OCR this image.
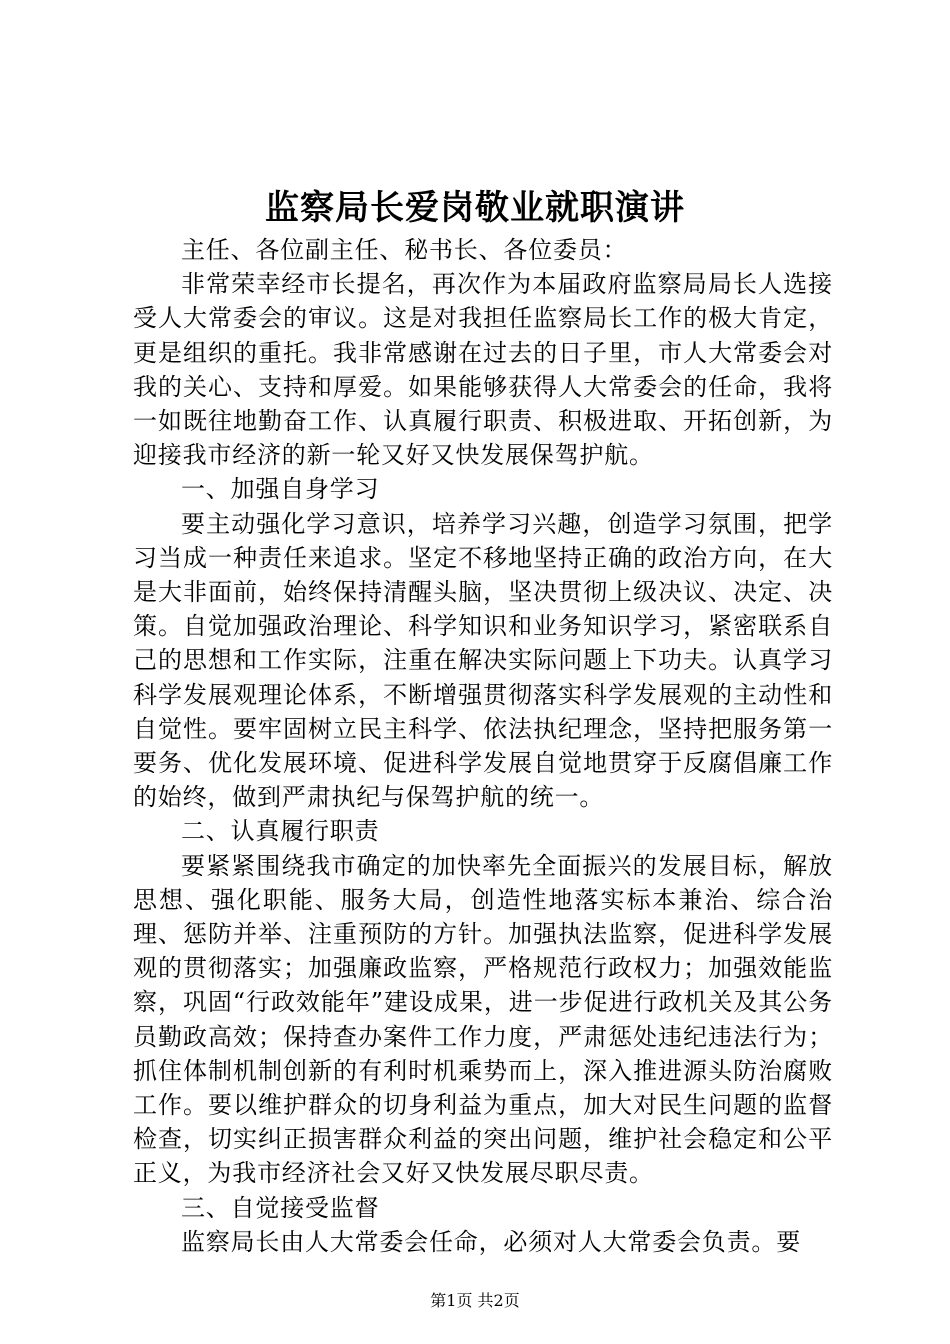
监察局长爱岗敬业就职演讲

主任、各位副主任、秘书长、各位委员：

非常荣幸经市长提名，再次作为本届政府监察局局长人选接受人大常委会的审议。这是对我担任监察局长工作的极大肯定，更是组织的重托。我非常感谢在过去的日子里，市人大常委会对我的关心、支持和厚爱。如果能够获得人大常委会的任命，我将一如既往地勤奋工作、认真履行职责、积极进取、开拓创新，为迎接我市经济的新一轮又好又快发展保驾护航。

一、加强自身学习

要主动强化学习意识，培养学习兴趣，创造学习氛围，把学习当成一种责任来追求。坚定不移地坚持正确的政治方向，在大是大非面前，始终保持清醒头脑，坚决贯彻上级决议、决定、决策。自觉加强政治理论、科学知识和业务知识学习，紧密联系自己的思想和工作实际，注重在解决实际问题上下功夫。认真学习科学发展观理论体系，不断增强贯彻落实科学发展观的主动性和自觉性。要牢固树立民主科学、依法执纪理念，坚持把服务第一要务、优化发展环境、促进科学发展自觉地贯穿于反腐倡廉工作的始终，做到严肃执纪与保驾护航的统一。

二、认真履行职责

要紧紧围绕我市确定的加快率先全面振兴的发展目标，解放思想、强化职能、服务大局，创造性地落实标本兼治、综合治理、惩防并举、注重预防的方针。加强执法监察，促进科学发展观的贯彻落实；加强廉政监察，严格规范行政权力；加强效能监察，巩固“行政效能年”建设成果，进一步促进行政机关及其公务员勤政高效；保持查办案件工作力度，严肃惩处违纪违法行为；抓住体制机制创新的有利时机乘势而上，深入推进源头防治腐败工作。要以维护群众的切身利益为重点，加大对民生问题的监督检查，切实纠正损害群众利益的突出问题，维护社会稳定和公平正义，为我市经济社会又好又快发展尽职尽责。

三、自觉接受监督

监察局长由人大常委会任命，必须对人大常委会负责。要

第1页 共2页
